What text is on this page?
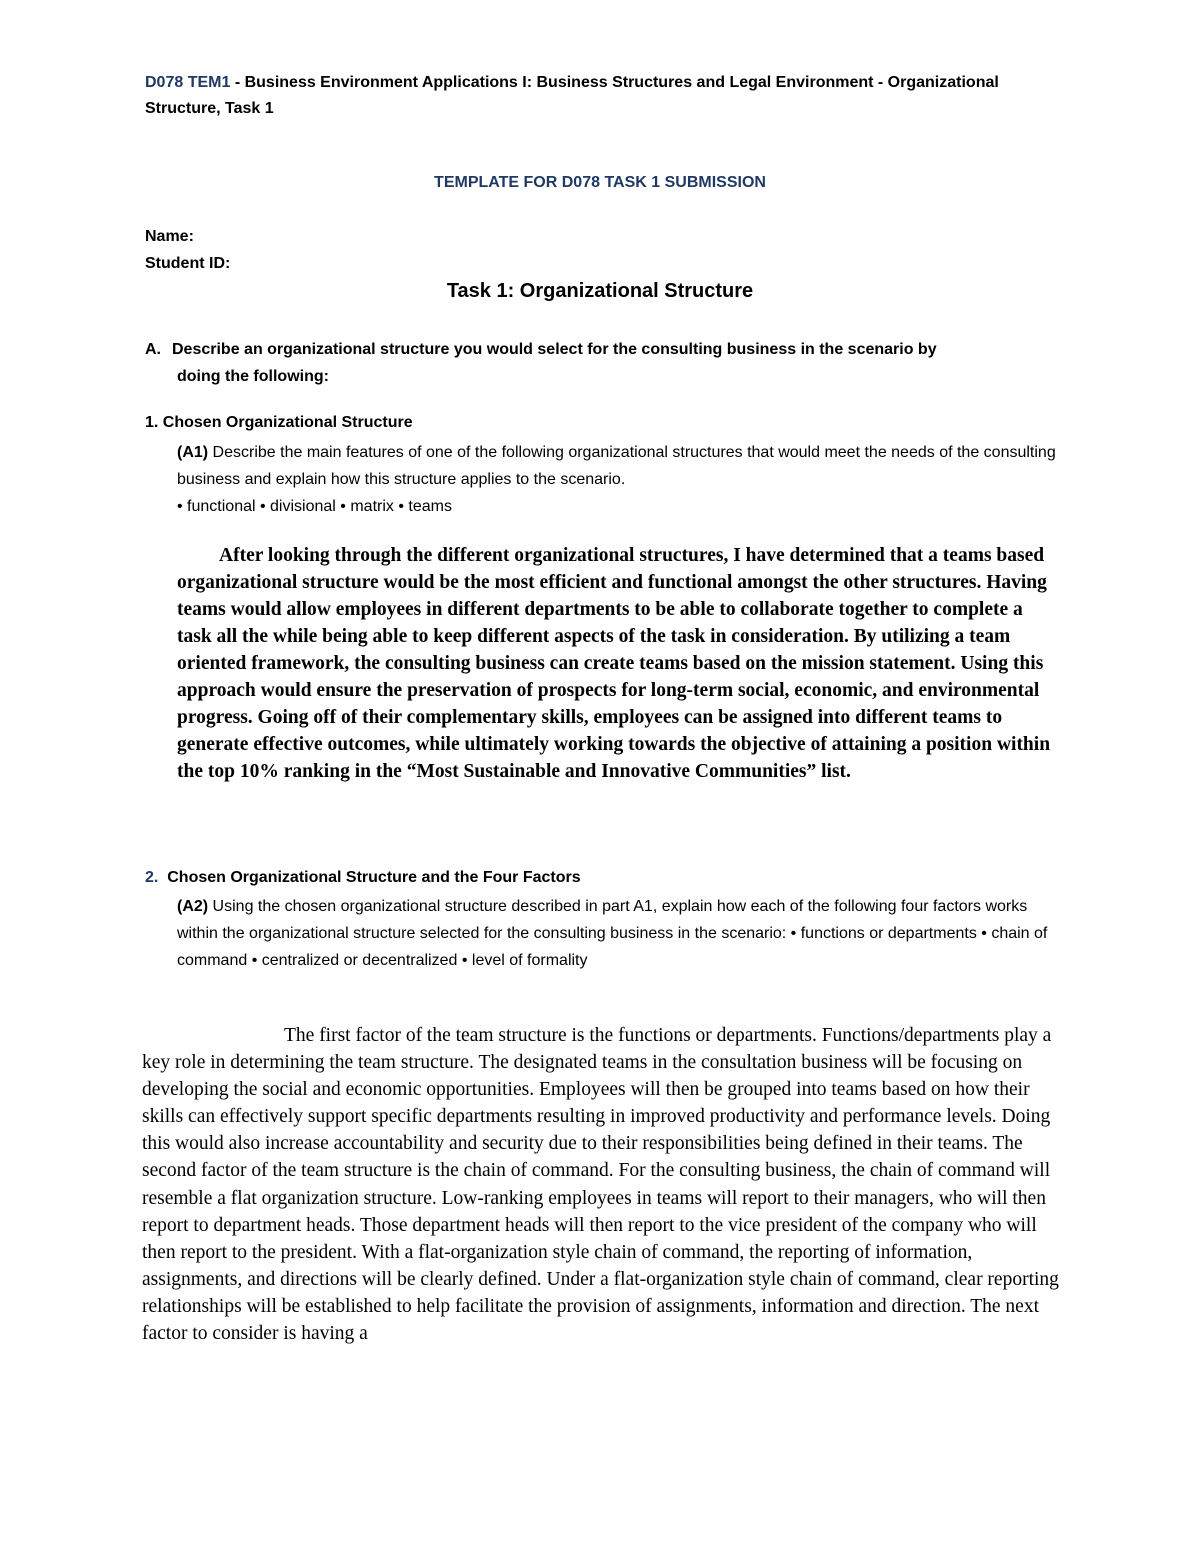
D078 TEM1 - Business Environment Applications I: Business Structures and Legal Environment - Organizational Structure, Task 1
TEMPLATE FOR D078 TASK 1 SUBMISSION
Name:
Student ID:
Task 1: Organizational Structure
A. Describe an organizational structure you would select for the consulting business in the scenario by
doing the following:
1. Chosen Organizational Structure
(A1) Describe the main features of one of the following organizational structures that would meet the needs of the consulting business and explain how this structure applies to the scenario.
• functional • divisional • matrix • teams
After looking through the different organizational structures, I have determined that a teams based organizational structure would be the most efficient and functional amongst the other structures. Having teams would allow employees in different departments to be able to collaborate together to complete a task all the while being able to keep different aspects of the task in consideration. By utilizing a team oriented framework, the consulting business can create teams based on the mission statement. Using this approach would ensure the preservation of prospects for long-term social, economic, and environmental progress. Going off of their complementary skills, employees can be assigned into different teams to generate effective outcomes, while ultimately working towards the objective of attaining a position within the top 10% ranking in the “Most Sustainable and Innovative Communities” list.
2.  Chosen Organizational Structure and the Four Factors
(A2) Using the chosen organizational structure described in part A1, explain how each of the following four factors works within the organizational structure selected for the consulting business in the scenario: • functions or departments • chain of command • centralized or decentralized • level of formality
The first factor of the team structure is the functions or departments. Functions/departments play a key role in determining the team structure. The designated teams in the consultation business will be focusing on developing the social and economic opportunities. Employees will then be grouped into teams based on how their skills can effectively support specific departments resulting in improved productivity and performance levels. Doing this would also increase accountability and security due to their responsibilities being defined in their teams. The second factor of the team structure is the chain of command. For the consulting business, the chain of command will resemble a flat organization structure. Low-ranking employees in teams will report to their managers, who will then report to department heads. Those department heads will then report to the vice president of the company who will then report to the president. With a flat-organization style chain of command, the reporting of information, assignments, and directions will be clearly defined. Under a flat-organization style chain of command, clear reporting relationships will be established to help facilitate the provision of assignments, information and direction. The next factor to consider is having a
